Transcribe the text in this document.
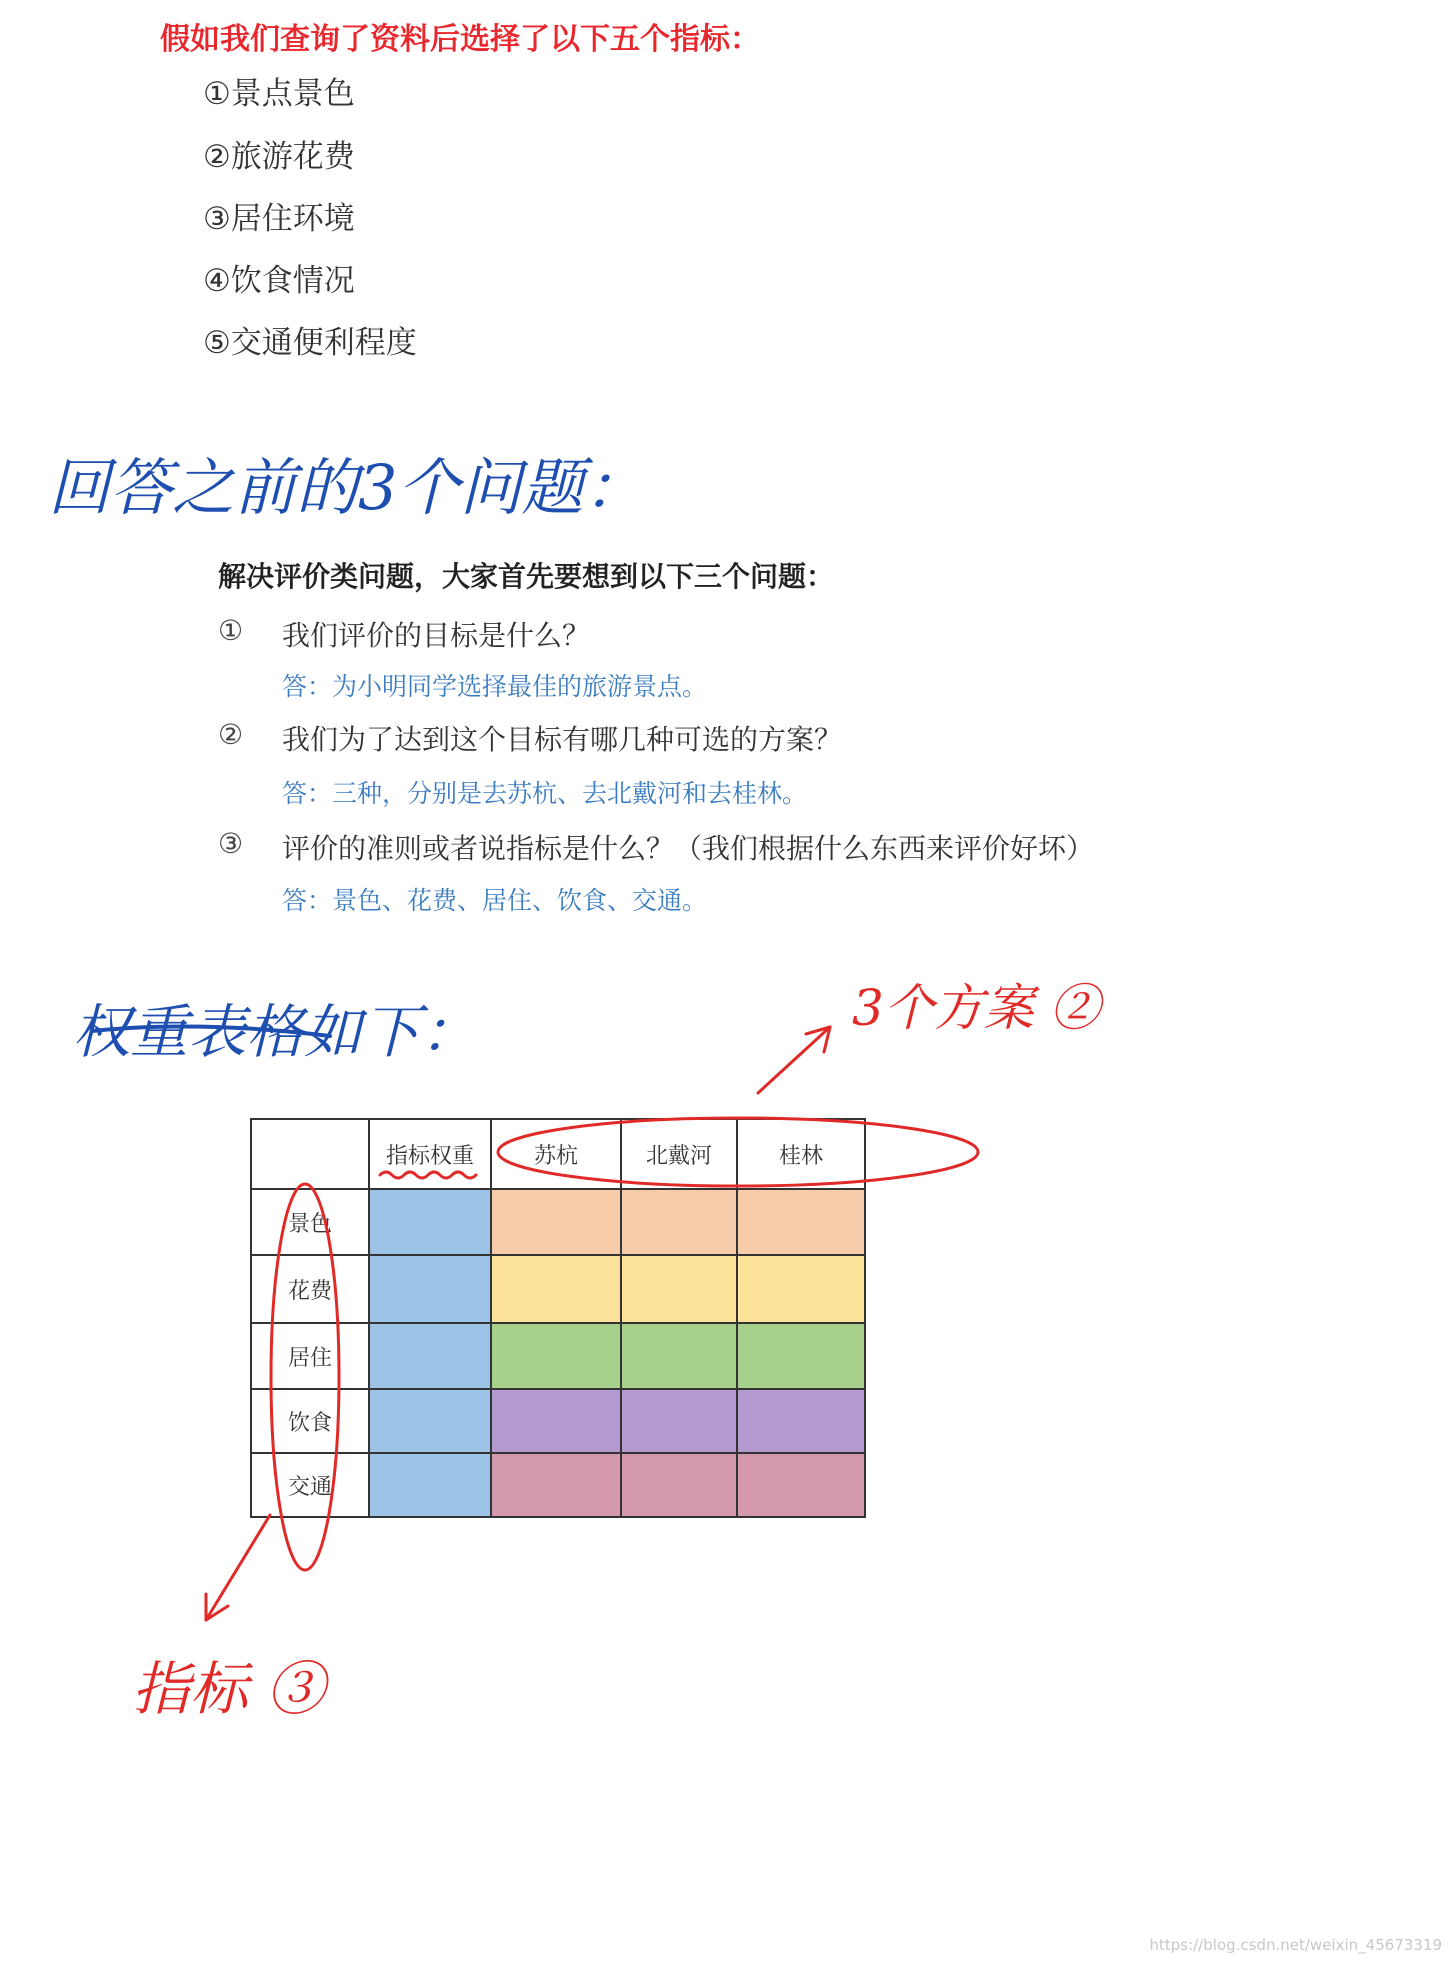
假如我们查询了资料后选择了以下五个指标：
①景点景色
②旅游花费
③居住环境
④饮食情况
⑤交通便利程度
回答之前的3个问题：
解决评价类问题，大家首先要想到以下三个问题：
① 我们评价的目标是什么？
答：为小明同学选择最佳的旅游景点。
② 我们为了达到这个目标有哪几种可选的方案？
答：三种，分别是去苏杭、去北戴河和去桂林。
③ 评价的准则或者说指标是什么？（我们根据什么东西来评价好坏）
答：景色、花费、居住、饮食、交通。
权重表格如下：	3个方案 ②
指标 ③
	指标权重	苏杭	北戴河	桂林
景色				
花费				
居住				
饮食				
交通				
https://blog.csdn.net/weixin_45673319
